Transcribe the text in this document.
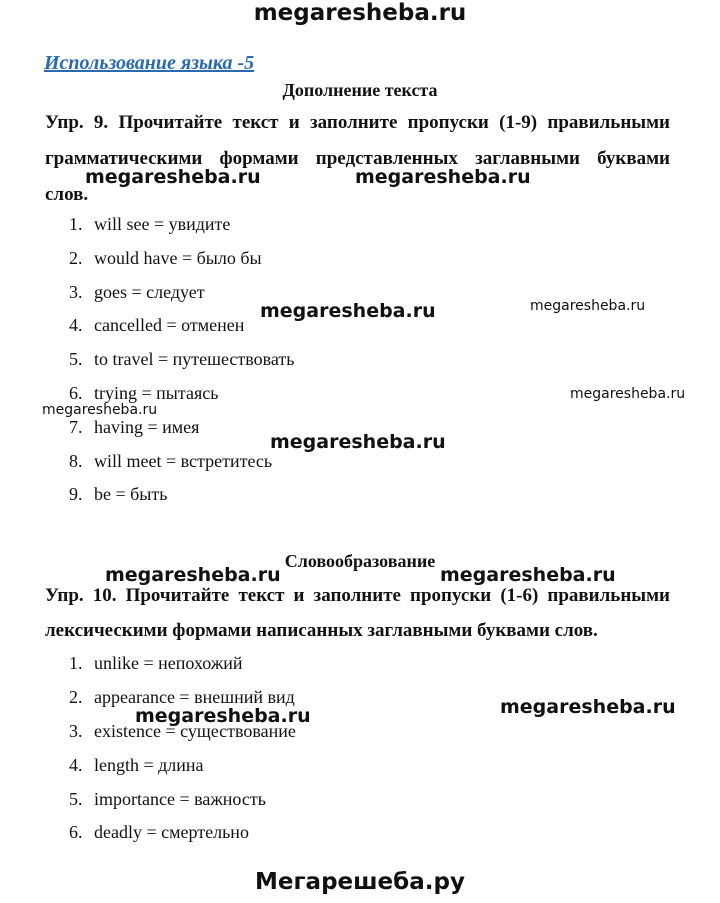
megaresheba.ru
Использование языка -5
Дополнение текста
Упр. 9. Прочитайте текст и заполните пропуски (1-9) правильными
грамматическими формами представленных заглавными буквами
слов.
1. will see = увидите
2. would have = было бы
3. goes = следует
4. cancelled = отменен
5. to travel = путешествовать
6. trying = пытаясь
7. having = имея
8. will meet = встретитесь
9. be = быть
Словообразование
Упр. 10. Прочитайте текст и заполните пропуски (1-6) правильными
лексическими формами написанных заглавными буквами слов.
1. unlike = непохожий
2. appearance = внешний вид
3. existence = существование
4. length = длина
5. importance = важность
6. deadly = смертельно
megaresheba.ru	megaresheba.ru
megaresheba.ru	megaresheba.ru
megaresheba.ru
megaresheba.ru
megaresheba.ru
megaresheba.ru	megaresheba.ru
megaresheba.ru
megaresheba.ru
Мегарешеба.ру
